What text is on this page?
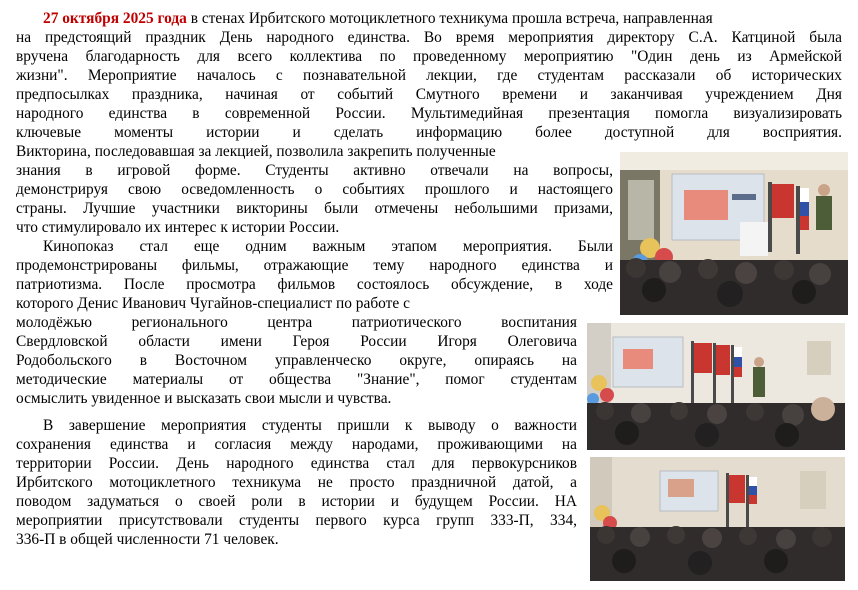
27 октября 2025 года в стенах Ирбитского мотоциклетного техникума прошла встреча, направленная

на предстоящий праздник День народного единства. Во время мероприятия директору С.А. Катциной была

вручена благодарность для всего коллектива по проведенному мероприятию "Один день из Армейской

жизни". Мероприятие началось с познавательной лекции, где студентам рассказали об исторических

предпосылках праздника, начиная от событий Смутного времени и заканчивая учреждением Дня

народного единства в современной России. Мультимедийная презентация помогла визуализировать

ключевые моменты истории и сделать информацию более доступной для восприятия.

Викторина, последовавшая за лекцией, позволила закрепить полученные

знания в игровой форме. Студенты активно отвечали на вопросы,

демонстрируя свою осведомленность о событиях прошлого и настоящего

страны. Лучшие участники викторины были отмечены небольшими призами,

что стимулировало их интерес к истории России.

Кинопоказ стал еще одним важным этапом мероприятия. Были

продемонстрированы фильмы, отражающие тему народного единства и

патриотизма. После просмотра фильмов состоялось обсуждение, в ходе

которого Денис Иванович Чугайнов-специалист по работе с

молодёжью регионального центра патриотического воспитания

Свердловской области имени Героя России Игоря Олеговича

Родобольского в Восточном управленческо округе, опираясь на

методические материалы от общества "Знание", помог студентам

осмыслить увиденное и высказать свои мысли и чувства.

В завершение мероприятия студенты пришли к выводу о важности

сохранения единства и согласия между народами, проживающими на

территории России. День народного единства стал для первокурсников

Ирбитского мотоциклетного техникума не просто праздничной датой, а

поводом задуматься о своей роли в истории и будущем России. НА

мероприятии присутствовали студенты первого курса групп 333-П, 334,

336-П в общей численности 71 человек.
